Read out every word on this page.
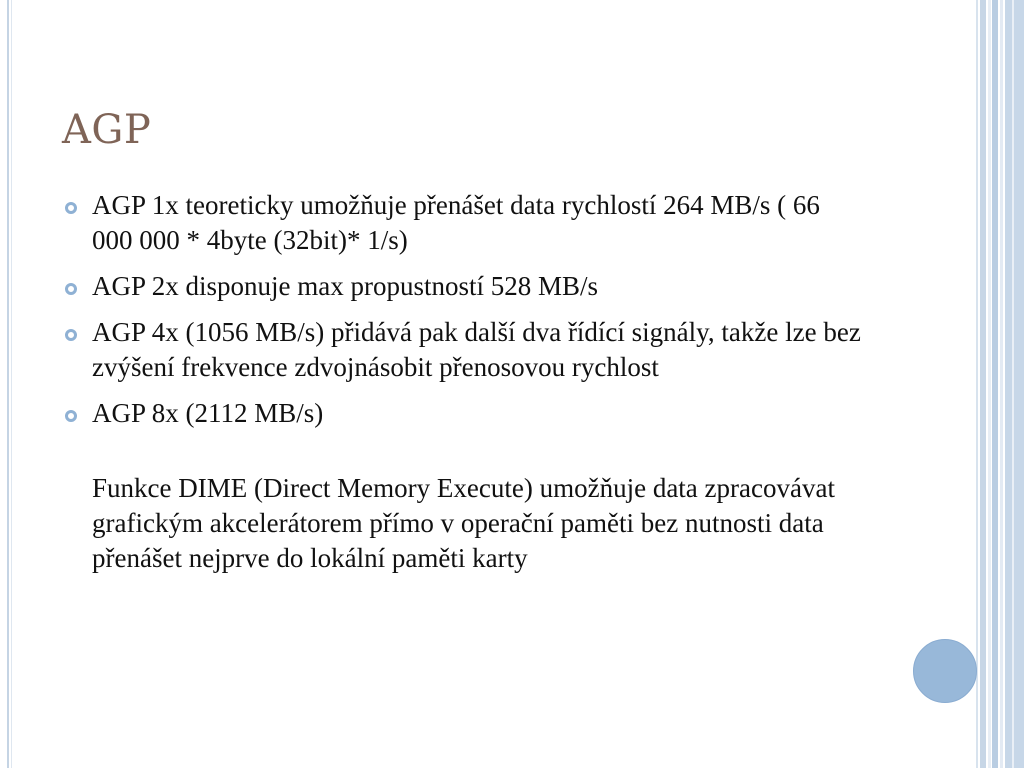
AGP
AGP 1x teoreticky umožňuje přenášet data rychlostí 264 MB/s ( 66 000 000 * 4byte (32bit)* 1/s)
AGP 2x disponuje max propustností 528 MB/s
AGP 4x (1056 MB/s) přidává pak další dva řídící signály, takže lze bez zvýšení frekvence zdvojnásobit přenosovou rychlost
AGP 8x (2112 MB/s)
Funkce DIME (Direct Memory Execute) umožňuje data zpracovávat grafickým akcelerátorem přímo v operační paměti bez nutnosti data přenášet nejprve do lokální paměti karty
